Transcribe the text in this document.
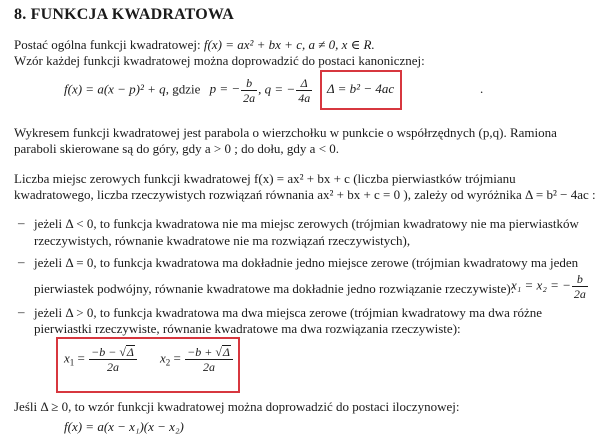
8. FUNKCJA KWADRATOWA
Postać ogólna funkcji kwadratowej: f(x) = ax² + bx + c, a ≠ 0, x ∈ R.
Wzór każdej funkcji kwadratowej można doprowadzić do postaci kanonicznej:
f(x) = a(x − p)² + q, gdzie p = − $\frac{b}{2a}$ , q = − $\frac{\Delta}{4a}$ Δ = b² − 4ac	.
Wykresem funkcji kwadratowej jest parabola o wierzchołku w punkcie o współrzędnych (p,q). Ramiona
paraboli skierowane są do góry, gdy a > 0 ; do dołu, gdy a < 0.
Liczba miejsc zerowych funkcji kwadratowej f(x) = ax² + bx + c (liczba pierwiastków trójmianu
kwadratowego, liczba rzeczywistych rozwiązań równania ax² + bx + c = 0 ), zależy od wyróżnika Δ = b² − 4ac :
– jeżeli Δ < 0, to funkcja kwadratowa nie ma miejsc zerowych (trójmian kwadratowy nie ma pierwiastków
rzeczywistych, równanie kwadratowe nie ma rozwiązań rzeczywistych),
– jeżeli Δ = 0, to funkcja kwadratowa ma dokładnie jedno miejsce zerowe (trójmian kwadratowy ma jeden
pierwiastek podwójny, równanie kwadratowe ma dokładnie jedno rozwiązanie rzeczywiste):
x₁ = x₂ = − $\frac{b}{2a}$
– jeżeli Δ > 0, to funkcja kwadratowa ma dwa miejsca zerowe (trójmian kwadratowy ma dwa różne
pierwiastki rzeczywiste, równanie kwadratowe ma dwa rozwiązania rzeczywiste):
$x_1 = \frac{-b - √\Delta}{2a} x_2 = \frac{-b + √\Delta}{2a}$
Jeśli Δ ≥ 0, to wzór funkcji kwadratowej można doprowadzić do postaci iloczynowej:
f(x) = a(x − x₁)(x − x₂)
